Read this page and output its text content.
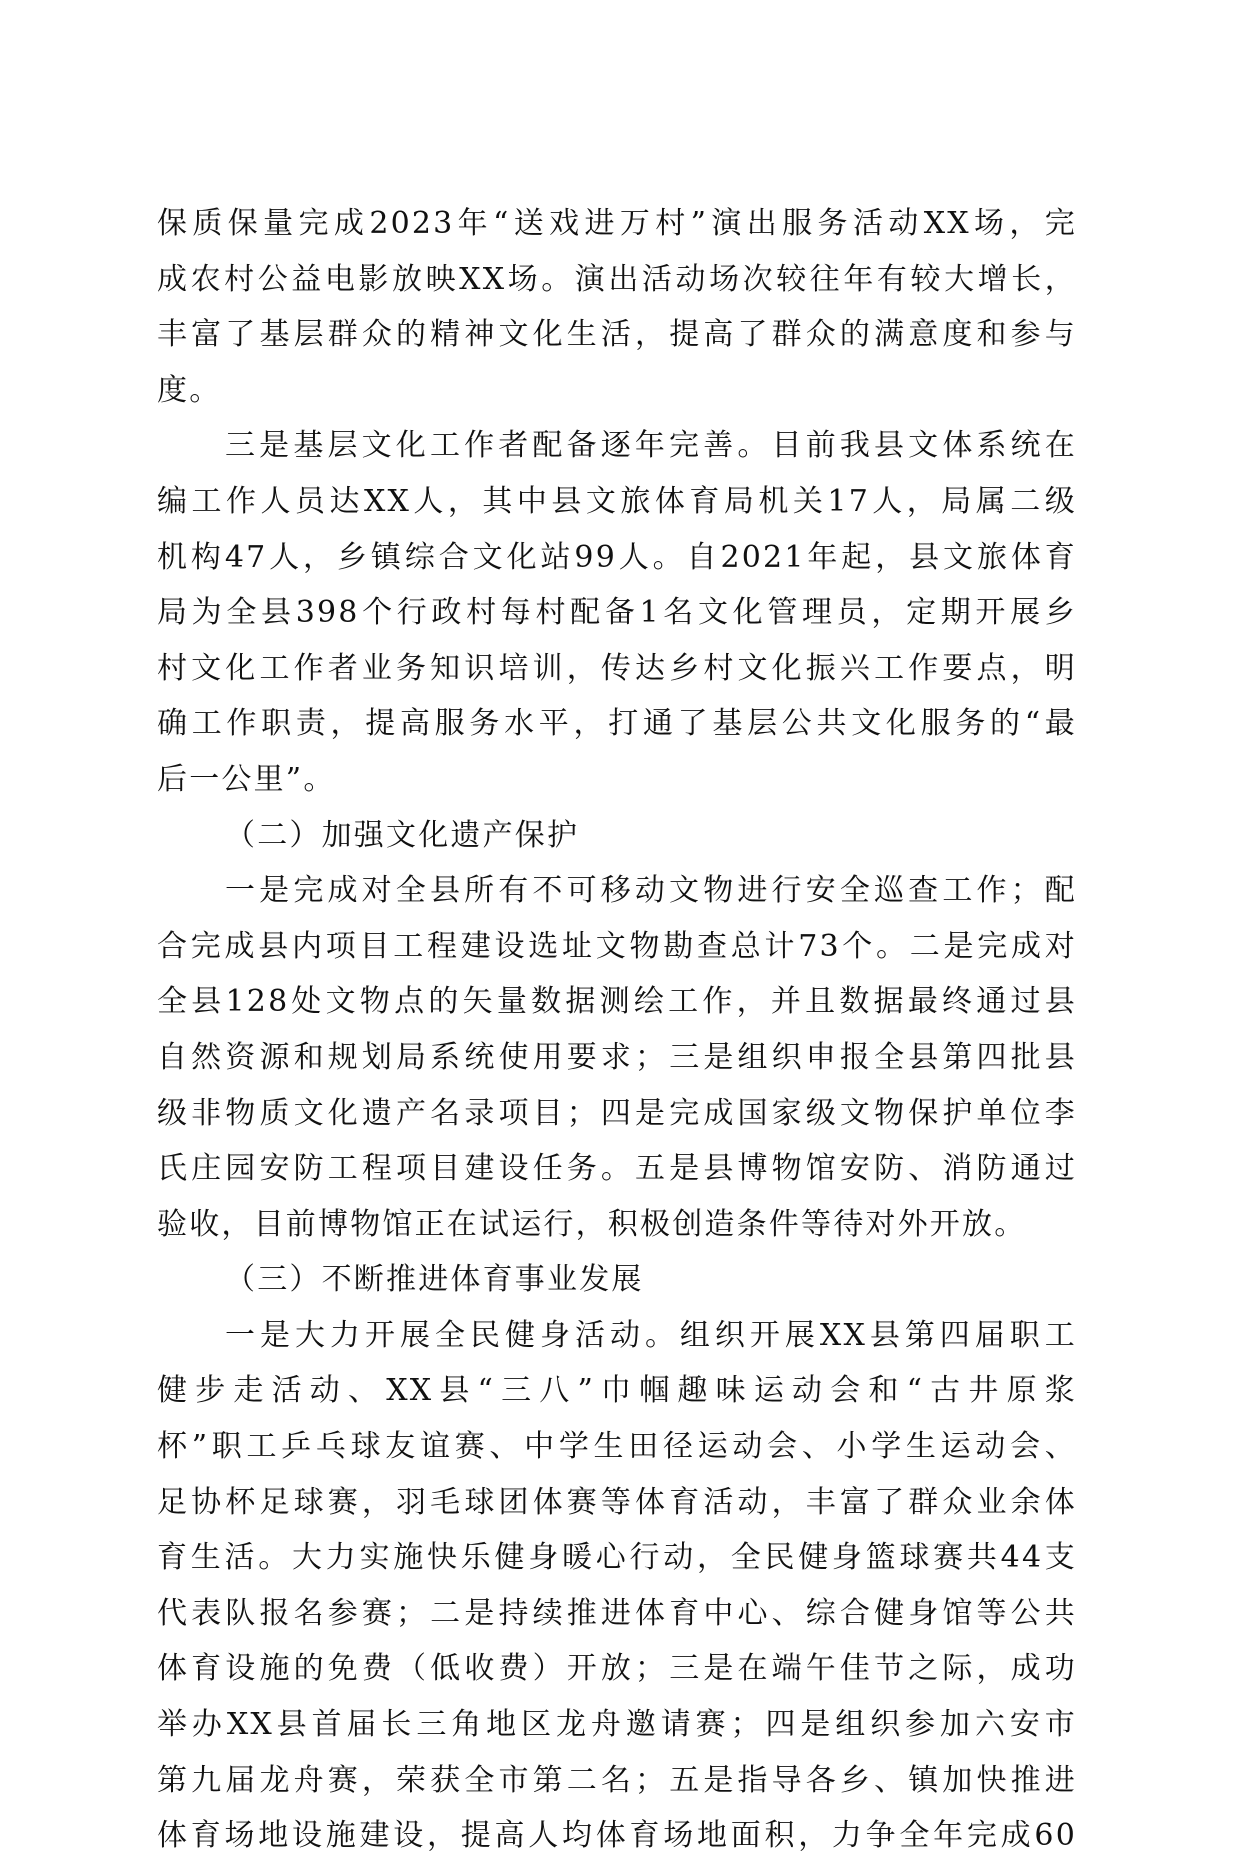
保质保量完成2023年“送戏进万村”演出服务活动XX场，完
成农村公益电影放映XX场。演出活动场次较往年有较大增长，
丰富了基层群众的精神文化生活，提高了群众的满意度和参与
度。
三是基层文化工作者配备逐年完善。目前我县文体系统在
编工作人员达XX人，其中县文旅体育局机关17人，局属二级
机构47人，乡镇综合文化站99人。自2021年起，县文旅体育
局为全县398个行政村每村配备1名文化管理员，定期开展乡
村文化工作者业务知识培训，传达乡村文化振兴工作要点，明
确工作职责，提高服务水平，打通了基层公共文化服务的“最
后一公里”。
（二）加强文化遗产保护
一是完成对全县所有不可移动文物进行安全巡查工作；配
合完成县内项目工程建设选址文物勘查总计73个。二是完成对
全县128处文物点的矢量数据测绘工作，并且数据最终通过县
自然资源和规划局系统使用要求；三是组织申报全县第四批县
级非物质文化遗产名录项目；四是完成国家级文物保护单位李
氏庄园安防工程项目建设任务。五是县博物馆安防、消防通过
验收，目前博物馆正在试运行，积极创造条件等待对外开放。
（三）不断推进体育事业发展
一是大力开展全民健身活动。组织开展XX县第四届职工
健步走活动、XX县“三八”巾帼趣味运动会和“古井原浆
杯”职工乒乓球友谊赛、中学生田径运动会、小学生运动会、
足协杯足球赛，羽毛球团体赛等体育活动，丰富了群众业余体
育生活。大力实施快乐健身暖心行动，全民健身篮球赛共44支
代表队报名参赛；二是持续推进体育中心、综合健身馆等公共
体育设施的免费（低收费）开放；三是在端午佳节之际，成功
举办XX县首届长三角地区龙舟邀请赛；四是组织参加六安市
第九届龙舟赛，荣获全市第二名；五是指导各乡、镇加快推进
体育场地设施建设，提高人均体育场地面积，力争全年完成60
